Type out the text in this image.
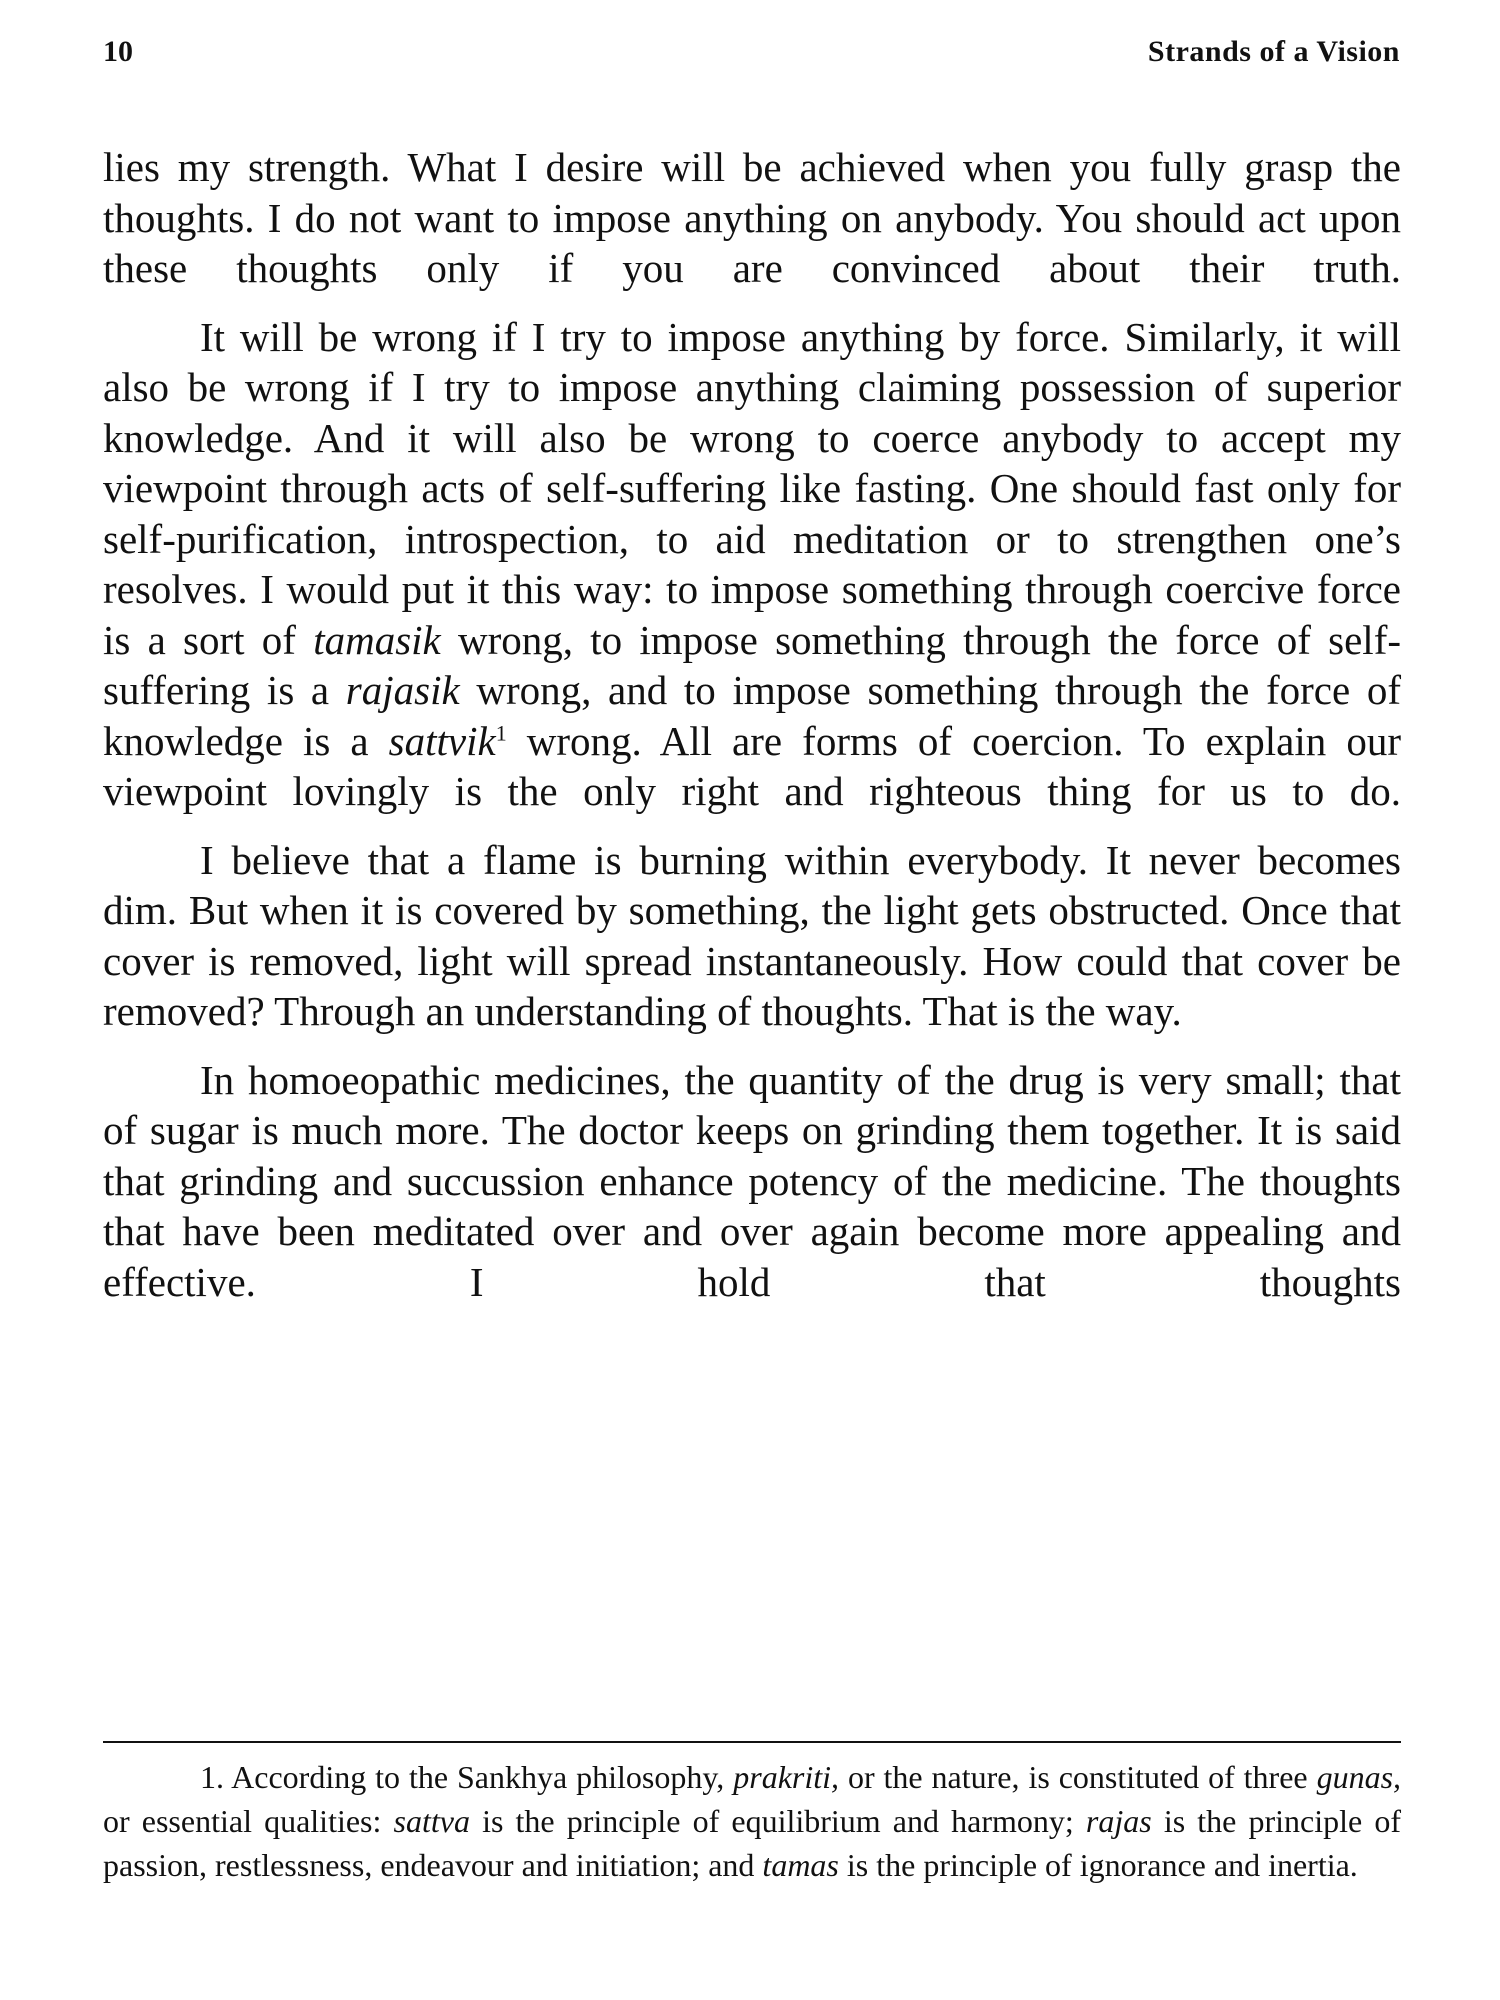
10	Strands of a Vision

lies my strength. What I desire will be achieved when you fully grasp the thoughts. I do not want to impose anything on anybody. You should act upon these thoughts only if you are convinced about their truth.

It will be wrong if I try to impose anything by force. Similarly, it will also be wrong if I try to impose anything claiming possession of superior knowledge. And it will also be wrong to coerce anybody to accept my viewpoint through acts of self-suffering like fasting. One should fast only for self-purification, introspection, to aid meditation or to strengthen one’s resolves. I would put it this way: to impose something through coercive force is a sort of tamasik wrong, to impose something through the force of self-suffering is a rajasik wrong, and to impose something through the force of knowledge is a sattvik$^1$ wrong. All are forms of coercion. To explain our viewpoint lovingly is the only right and righteous thing for us to do.

I believe that a flame is burning within everybody. It never becomes dim. But when it is covered by something, the light gets obstructed. Once that cover is removed, light will spread instantaneously. How could that cover be removed? Through an understanding of thoughts. That is the way.

In homoeopathic medicines, the quantity of the drug is very small; that of sugar is much more. The doctor keeps on grinding them together. It is said that grinding and succussion enhance potency of the medicine. The thoughts that have been meditated over and over again become more appealing and effective. I hold that thoughts

1. According to the Sankhya philosophy, prakriti, or the nature, is constituted of three gunas, or essential qualities: sattva is the principle of equilibrium and harmony; rajas is the principle of passion, restlessness, endeavour and initiation; and tamas is the principle of ignorance and inertia.
